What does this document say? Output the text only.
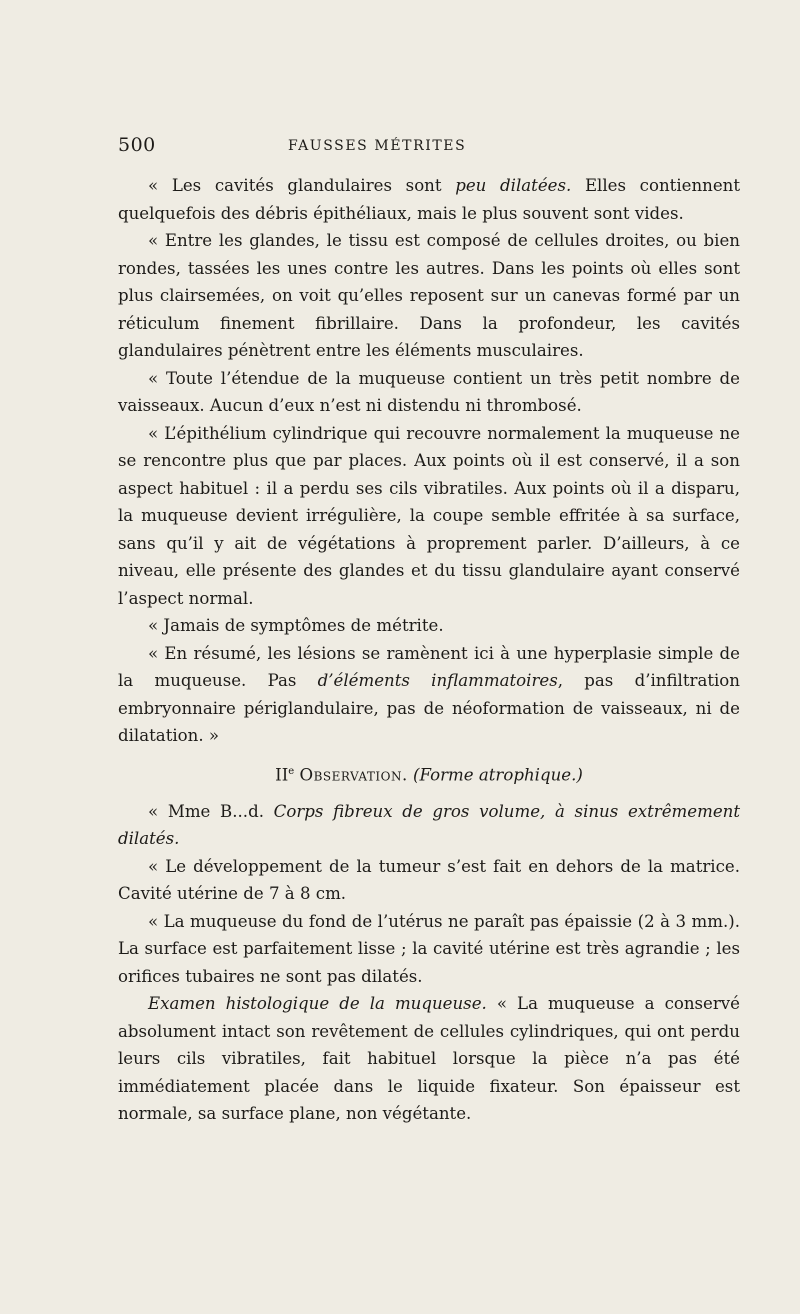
500	FAUSSES MÉTRITES

« Les cavités glandulaires sont peu dilatées. Elles contiennent quelquefois des débris épithéliaux, mais le plus souvent sont vides.

« Entre les glandes, le tissu est composé de cellules droites, ou bien rondes, tassées les unes contre les autres. Dans les points où elles sont plus clairsemées, on voit qu’elles reposent sur un canevas formé par un réticulum finement fibrillaire. Dans la profondeur, les cavités glandulaires pénètrent entre les éléments musculaires.

« Toute l’étendue de la muqueuse contient un très petit nombre de vaisseaux. Aucun d’eux n’est ni distendu ni thrombosé.

« L’épithélium cylindrique qui recouvre normalement la muqueuse ne se rencontre plus que par places. Aux points où il est conservé, il a son aspect habituel : il a perdu ses cils vibratiles. Aux points où il a disparu, la muqueuse devient irrégulière, la coupe semble effritée à sa surface, sans qu’il y ait de végétations à proprement parler. D’ailleurs, à ce niveau, elle présente des glandes et du tissu glandulaire ayant conservé l’aspect normal.

« Jamais de symptômes de métrite.

« En résumé, les lésions se ramènent ici à une hyperplasie simple de la muqueuse. Pas d’éléments inflammatoires, pas d’infiltration embryonnaire périglandulaire, pas de néoformation de vaisseaux, ni de dilatation. »

IIe Observation. (Forme atrophique.)

« Mme B...d. Corps fibreux de gros volume, à sinus extrêmement dilatés.

« Le développement de la tumeur s’est fait en dehors de la matrice. Cavité utérine de 7 à 8 cm.

« La muqueuse du fond de l’utérus ne paraît pas épaissie (2 à 3 mm.). La surface est parfaitement lisse ; la cavité utérine est très agrandie ; les orifices tubaires ne sont pas dilatés.

Examen histologique de la muqueuse. « La muqueuse a conservé absolument intact son revêtement de cellules cylindriques, qui ont perdu leurs cils vibratiles, fait habituel lorsque la pièce n’a pas été immédiatement placée dans le liquide fixateur. Son épaisseur est normale, sa surface plane, non végétante.
